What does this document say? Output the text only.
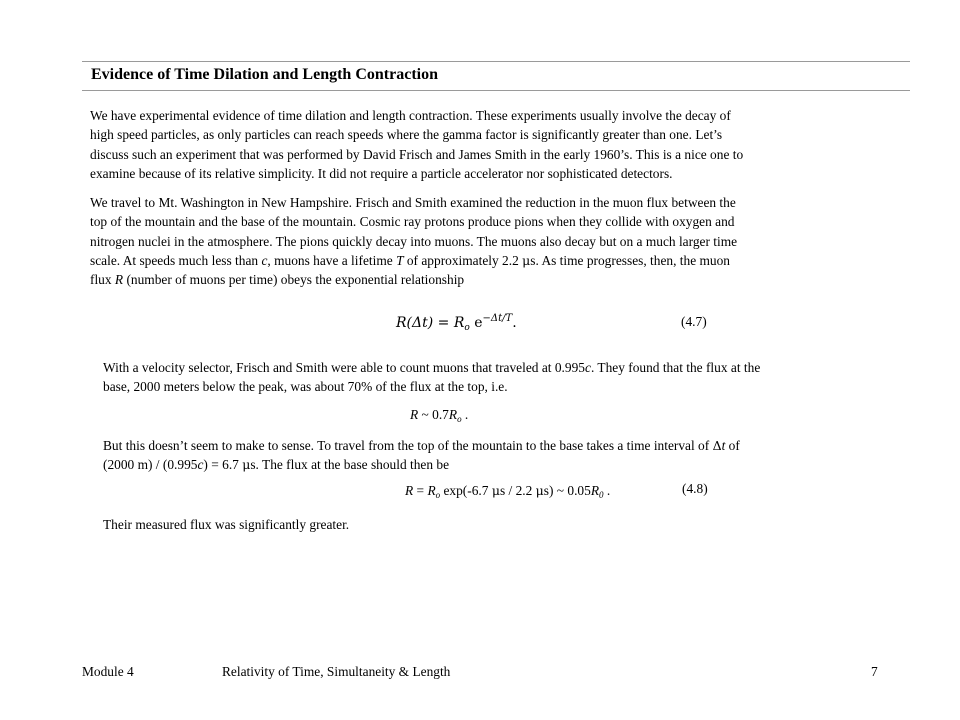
Evidence of Time Dilation and Length Contraction
We have experimental evidence of time dilation and length contraction. These experiments usually involve the decay of
high speed particles, as only particles can reach speeds where the gamma factor is significantly greater than one. Let’s
discuss such an experiment that was performed by David Frisch and James Smith in the early 1960’s. This is a nice one to
examine because of its relative simplicity. It did not require a particle accelerator nor sophisticated detectors.
We travel to Mt. Washington in New Hampshire. Frisch and Smith examined the reduction in the muon flux between the
top of the mountain and the base of the mountain. Cosmic ray protons produce pions when they collide with oxygen and
nitrogen nuclei in the atmosphere. The pions quickly decay into muons. The muons also decay but on a much larger time
scale. At speeds much less than c, muons have a lifetime T of approximately 2.2 μs. As time progresses, then, the muon
flux R (number of muons per time) obeys the exponential relationship
$R(\Delta t) = R_o$ $e^{-\Delta t/T}$.	(4.7)
With a velocity selector, Frisch and Smith were able to count muons that traveled at 0.995c. They found that the flux at the
base, 2000 meters below the peak, was about 70% of the flux at the top, i.e.
R ~ $0.7R_o$ .
But this doesn’t seem to make to sense. To travel from the top of the mountain to the base takes a time interval of Δt of
(2000 m) / (0.995c) = 6.7 μs. The flux at the base should then be
$R = R_o$ exp(-6.7 μs / 2.2 μs) ~ $0.05R_0$ .	(4.8)
Their measured flux was significantly greater.
Module 4	Relativity of Time, Simultaneity & Length	7
